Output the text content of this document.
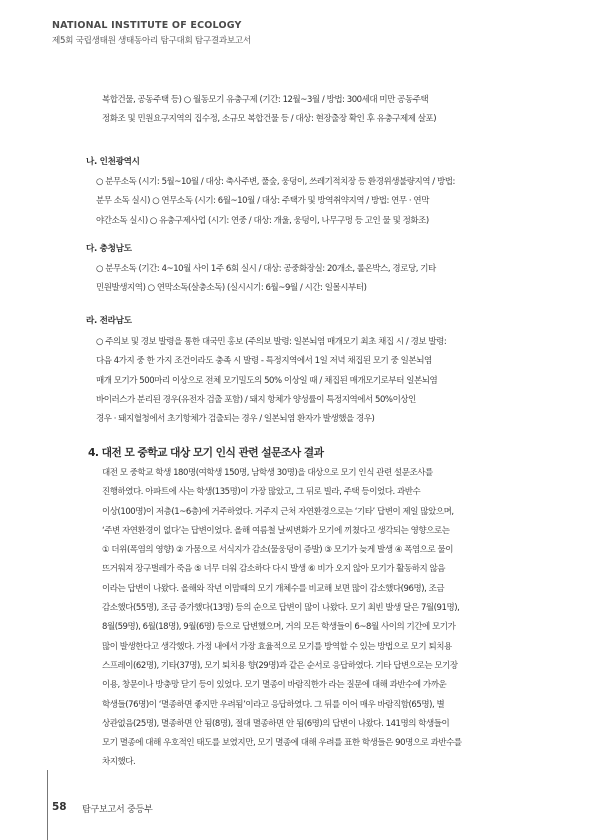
NATIONAL INSTITUTE OF ECOLOGY
제5회 국립생태원 생태동아리 탐구대회 탐구결과보고서
복합건물, 공동주택 등) ○ 월동모기 유충구제 (기간: 12월~3월 / 방법: 300세대 미만 공동주택
정화조 및 민원요구지역의 집수정, 소규모 복합건물 등 / 대상: 현장출장 확인 후 유충구제제 살포)
나. 인천광역시
○ 분무소독 (시기: 5월~10월 / 대상: 축사주변, 풀숲, 웅덩이, 쓰레기적치장 등 환경위생불량지역 / 방법:
분무 소독 실시) ○ 연무소독 (시기: 6월~10월 / 대상: 주택가 및 방역취약지역 / 방법: 연무 · 연막
야간소독 실시) ○ 유충구제사업 (시기: 연중 / 대상: 개울, 웅덩이, 나무구멍 등 고인 물 및 정화조)
다. 충청남도
○ 분무소독 (기간: 4~10월 사이 1주 6회 실시 / 대상: 공중화장실: 20개소, 롤온박스, 경로당, 기타
민원발생지역) ○ 연막소독(살충소독) (실시시기: 6월~9월 / 시간: 일몰시부터)
라. 전라남도
○ 주의보 및 경보 발령을 통한 대국민 홍보 (주의보 발령: 일본뇌염 매개모기 최초 채집 시 / 경보 발령:
다음 4가지 중 한 가지 조건이라도 충족 시 발령 - 특정지역에서 1일 저녁 채집된 모기 중 일본뇌염
매개 모기가 500마리 이상으로 전체 모기밀도의 50% 이상일 때 / 채집된 매개모기로부터 일본뇌염
바이러스가 분리된 경우(유전자 검출 포함) / 돼지 항체가 양성률이 특정지역에서 50%이상인
경우 · 돼지혈청에서 초기항체가 검출되는 경우 / 일본뇌염 환자가 발생했을 경우)
4. 대전 모 중학교 대상 모기 인식 관련 설문조사 결과
대전 모 중학교 학생 180명(여학생 150명, 남학생 30명)을 대상으로 모기 인식 관련 설문조사를
진행하였다. 아파트에 사는 학생(135명)이 가장 많았고, 그 뒤로 빌라, 주택 등이었다. 과반수
이상(100명)이 저층(1~6층)에 거주하였다. 거주지 근처 자연환경으로는 ‘기타’ 답변이 제일 많았으며,
‘주변 자연환경이 없다’는 답변이었다. 올해 여름철 날씨변화가 모기에 끼쳤다고 생각되는 영향으로는
① 더위(폭염의 영향) ② 가뭄으로 서식지가 감소(물웅덩이 증발) ③ 모기가 늦게 발생 ④ 폭염으로 물이
뜨거워져 장구벌레가 죽음 ⑤ 너무 더워 감소하다 다시 발생 ⑥ 비가 오지 않아 모기가 활동하지 않음
이라는 답변이 나왔다. 올해와 작년 이맘때의 모기 개체수를 비교해 보면 많이 감소했다(96명), 조금
감소했다(55명), 조금 증가했다(13명) 등의 순으로 답변이 많이 나왔다. 모기 최빈 발생 달은 7월(91명),
8월(59명), 6월(18명), 9월(6명) 등으로 답변했으며, 거의 모든 학생들이 6~8월 사이의 기간에 모기가
많이 발생한다고 생각했다. 가정 내에서 가장 효율적으로 모기를 방역할 수 있는 방법으로 모기 퇴치용
스프레이(62명), 기타(37명), 모기 퇴치용 향(29명)과 같은 순서로 응답하였다. 기타 답변으로는 모기장
이용, 창문이나 방충망 닫기 등이 있었다. 모기 멸종이 바람직한가 라는 질문에 대해 과반수에 가까운
학생들(76명)이 ‘멸종하면 좋지만 우려됨’이라고 응답하였다. 그 뒤를 이어 매우 바람직함(65명), 별
상관없음(25명), 멸종하면 안 됨(8명), 절대 멸종하면 안 됨(6명)의 답변이 나왔다. 141명의 학생들이
모기 멸종에 대해 우호적인 태도를 보였지만, 모기 멸종에 대해 우려를 표한 학생들은 90명으로 과반수를
차지했다.
58 탐구보고서 중등부
